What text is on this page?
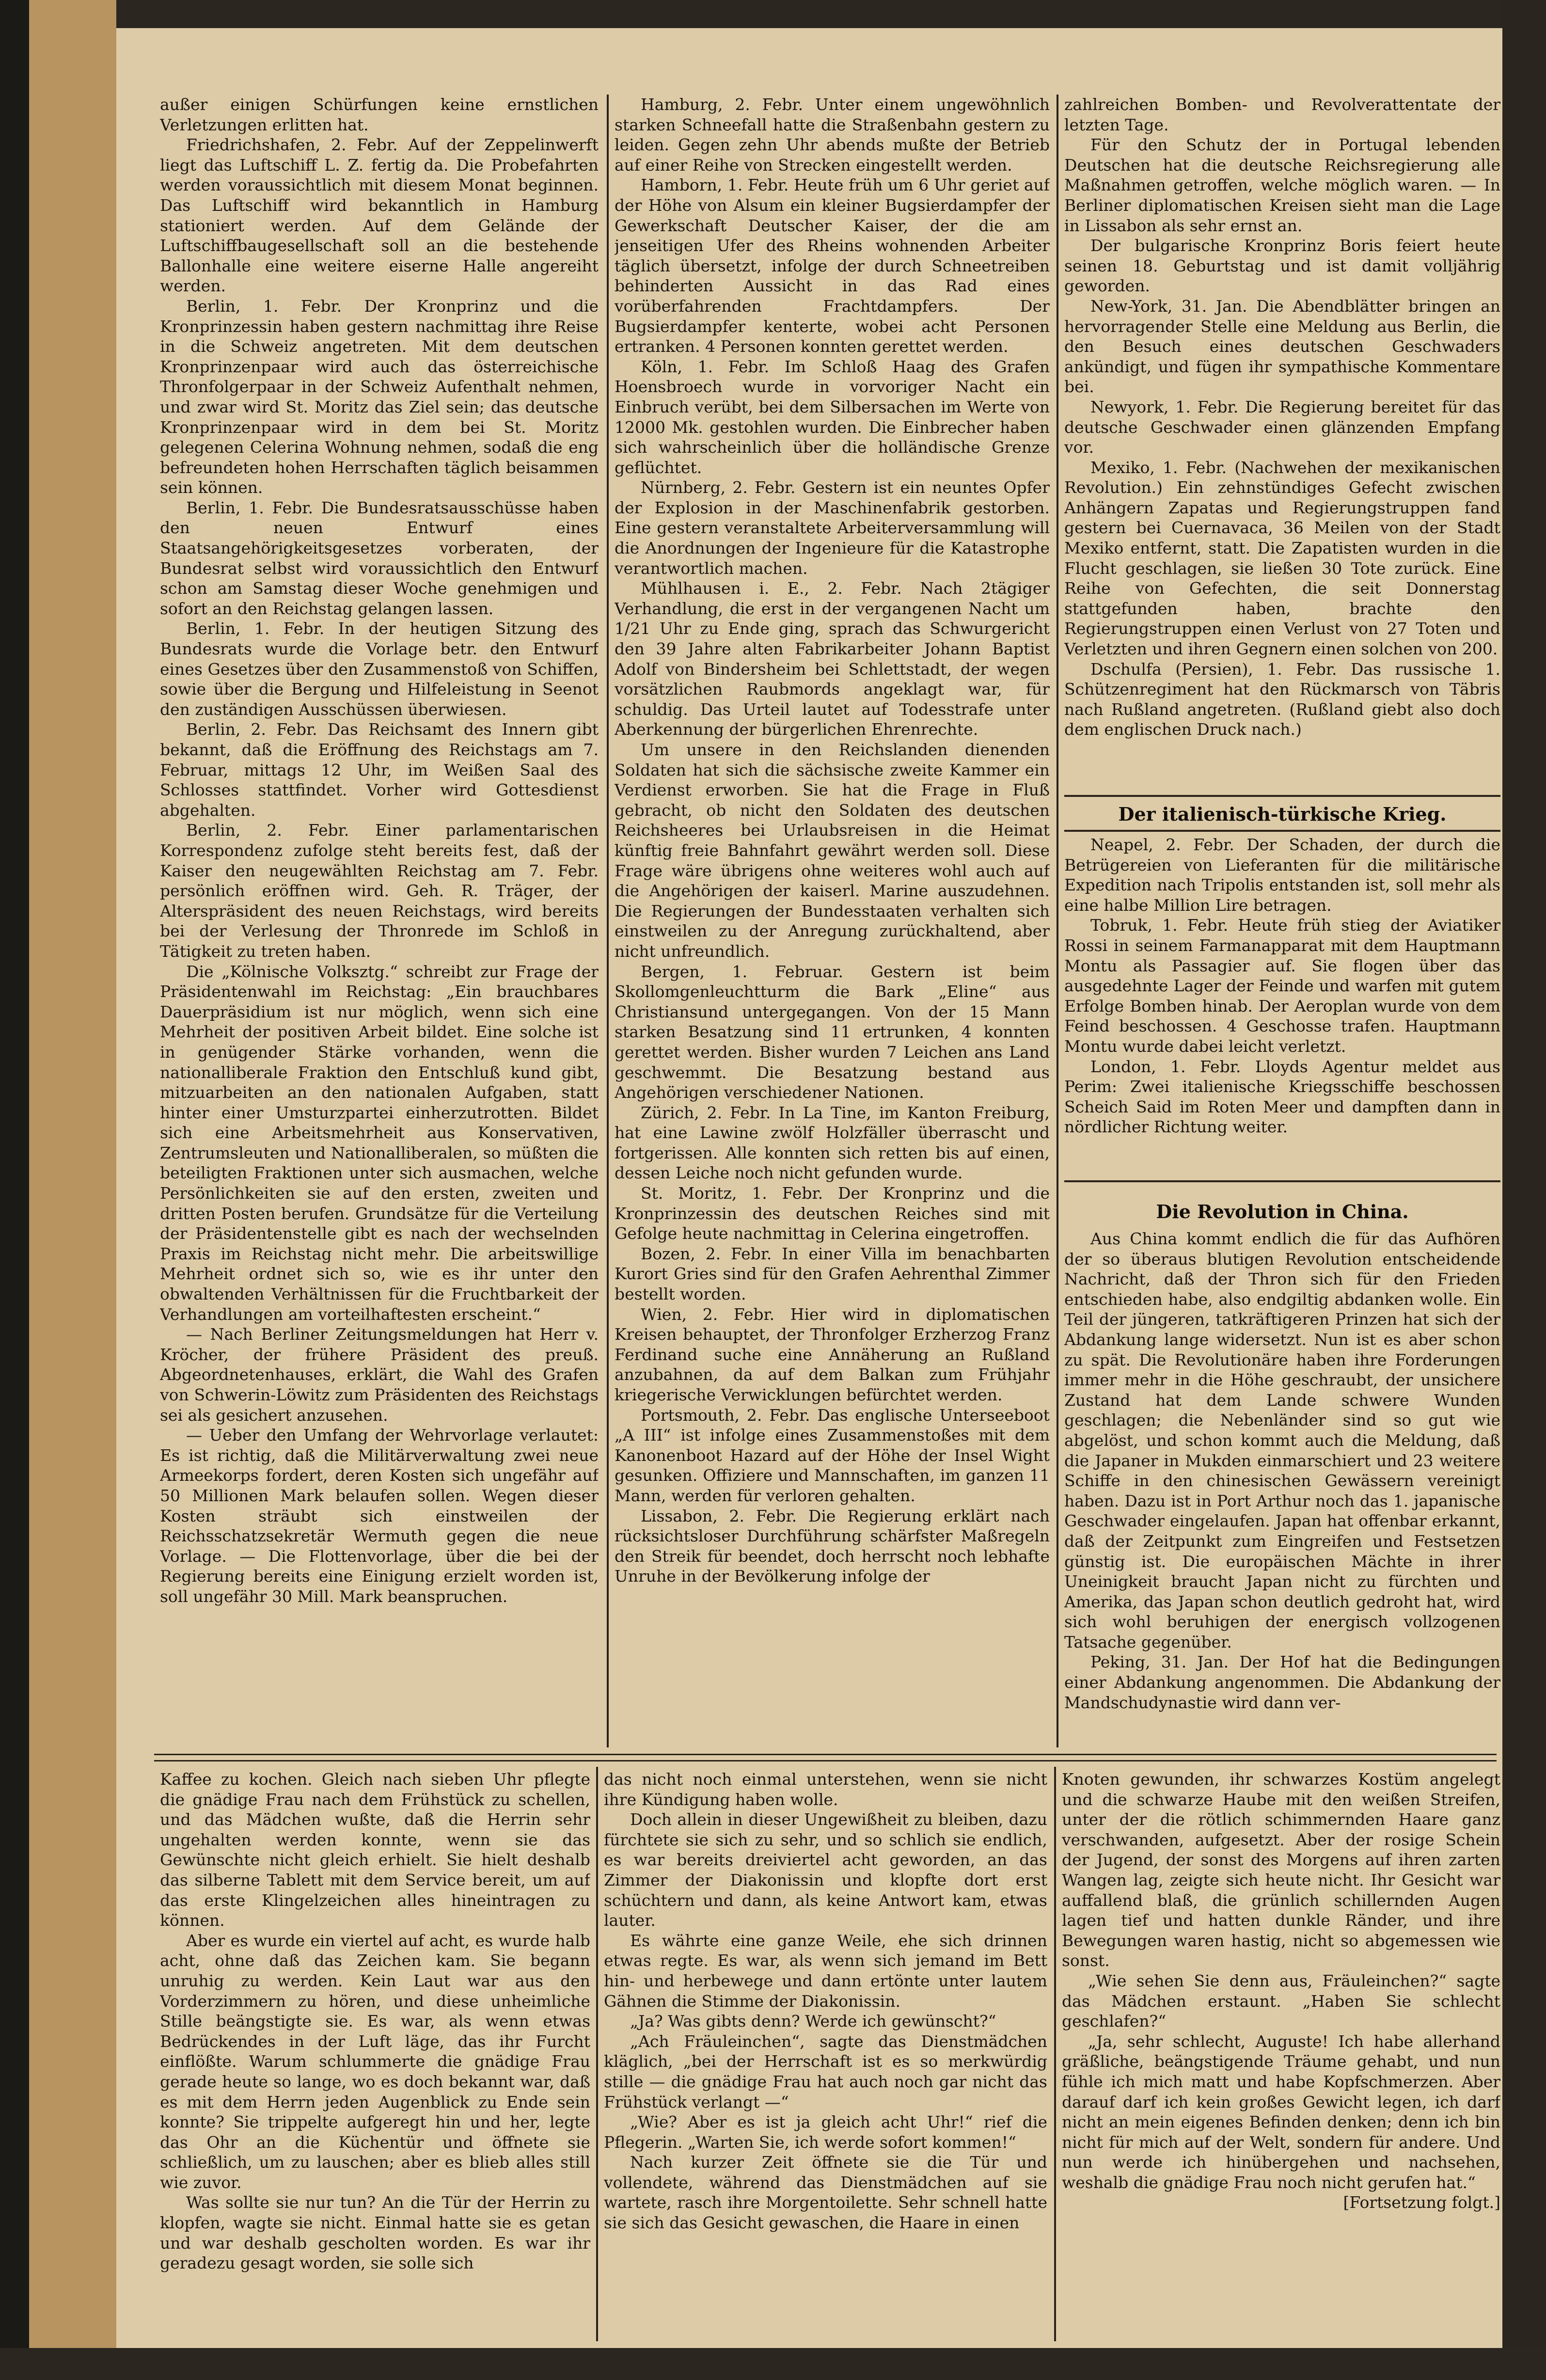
außer einigen Schürfungen keine ernstlichen Verletzungen erlitten hat.

Friedrichshafen, 2. Febr. Auf der Zeppelinwerft liegt das Luftschiff L. Z. fertig da. Die Probefahrten werden voraussichtlich mit diesem Monat beginnen. Das Luftschiff wird bekanntlich in Hamburg stationiert werden. Auf dem Gelände der Luftschiffbaugesellschaft soll an die bestehende Ballonhalle eine weitere eiserne Halle angereiht werden.

Berlin, 1. Febr. Der Kronprinz und die Kronprinzessin haben gestern nachmittag ihre Reise in die Schweiz angetreten. Mit dem deutschen Kronprinzenpaar wird auch das österreichische Thronfolgerpaar in der Schweiz Aufenthalt nehmen, und zwar wird St. Moritz das Ziel sein; das deutsche Kronprinzenpaar wird in dem bei St. Moritz gelegenen Celerina Wohnung nehmen, sodaß die eng befreundeten hohen Herrschaften täglich beisammen sein können.

Berlin, 1. Febr. Die Bundesratsausschüsse haben den neuen Entwurf eines Staatsangehörigkeitsgesetzes vorberaten, der Bundesrat selbst wird voraussichtlich den Entwurf schon am Samstag dieser Woche genehmigen und sofort an den Reichstag gelangen lassen.

Berlin, 1. Febr. In der heutigen Sitzung des Bundesrats wurde die Vorlage betr. den Entwurf eines Gesetzes über den Zusammenstoß von Schiffen, sowie über die Bergung und Hilfeleistung in Seenot den zuständigen Ausschüssen überwiesen.

Berlin, 2. Febr. Das Reichsamt des Innern gibt bekannt, daß die Eröffnung des Reichstags am 7. Februar, mittags 12 Uhr, im Weißen Saal des Schlosses stattfindet. Vorher wird Gottesdienst abgehalten.

Berlin, 2. Febr. Einer parlamentarischen Korrespondenz zufolge steht bereits fest, daß der Kaiser den neugewählten Reichstag am 7. Febr. persönlich eröffnen wird. Geh. R. Träger, der Alterspräsident des neuen Reichstags, wird bereits bei der Verlesung der Thronrede im Schloß in Tätigkeit zu treten haben.

Die „Kölnische Volksztg.“ schreibt zur Frage der Präsidentenwahl im Reichstag: „Ein brauchbares Dauerpräsidium ist nur möglich, wenn sich eine Mehrheit der positiven Arbeit bildet. Eine solche ist in genügender Stärke vorhanden, wenn die nationalliberale Fraktion den Entschluß kund gibt, mitzuarbeiten an den nationalen Aufgaben, statt hinter einer Umsturzpartei einherzutrotten. Bildet sich eine Arbeitsmehrheit aus Konservativen, Zentrumsleuten und Nationalliberalen, so müßten die beteiligten Fraktionen unter sich ausmachen, welche Persönlichkeiten sie auf den ersten, zweiten und dritten Posten berufen. Grundsätze für die Verteilung der Präsidentenstelle gibt es nach der wechselnden Praxis im Reichstag nicht mehr. Die arbeitswillige Mehrheit ordnet sich so, wie es ihr unter den obwaltenden Verhältnissen für die Fruchtbarkeit der Verhandlungen am vorteilhaftesten erscheint.“

— Nach Berliner Zeitungsmeldungen hat Herr v. Kröcher, der frühere Präsident des preuß. Abgeordnetenhauses, erklärt, die Wahl des Grafen von Schwerin-Löwitz zum Präsidenten des Reichstags sei als gesichert anzusehen.

— Ueber den Umfang der Wehrvorlage verlautet: Es ist richtig, daß die Militärverwaltung zwei neue Armeekorps fordert, deren Kosten sich ungefähr auf 50 Millionen Mark belaufen sollen. Wegen dieser Kosten sträubt sich einstweilen der Reichsschatzsekretär Wermuth gegen die neue Vorlage. — Die Flottenvorlage, über die bei der Regierung bereits eine Einigung erzielt worden ist, soll ungefähr 30 Mill. Mark beanspruchen.

Hamburg, 2. Febr. Unter einem ungewöhnlich starken Schneefall hatte die Straßenbahn gestern zu leiden. Gegen zehn Uhr abends mußte der Betrieb auf einer Reihe von Strecken eingestellt werden.

Hamborn, 1. Febr. Heute früh um 6 Uhr geriet auf der Höhe von Alsum ein kleiner Bugsierdampfer der Gewerkschaft Deutscher Kaiser, der die am jenseitigen Ufer des Rheins wohnenden Arbeiter täglich übersetzt, infolge der durch Schneetreiben behinderten Aussicht in das Rad eines vorüberfahrenden Frachtdampfers. Der Bugsierdampfer kenterte, wobei acht Personen ertranken. 4 Personen konnten gerettet werden.

Köln, 1. Febr. Im Schloß Haag des Grafen Hoensbroech wurde in vorvoriger Nacht ein Einbruch verübt, bei dem Silbersachen im Werte von 12000 Mk. gestohlen wurden. Die Einbrecher haben sich wahrscheinlich über die holländische Grenze geflüchtet.

Nürnberg, 2. Febr. Gestern ist ein neuntes Opfer der Explosion in der Maschinenfabrik gestorben. Eine gestern veranstaltete Arbeiterversammlung will die Anordnungen der Ingenieure für die Katastrophe verantwortlich machen.

Mühlhausen i. E., 2. Febr. Nach 2tägiger Verhandlung, die erst in der vergangenen Nacht um 1/21 Uhr zu Ende ging, sprach das Schwurgericht den 39 Jahre alten Fabrikarbeiter Johann Baptist Adolf von Bindersheim bei Schlettstadt, der wegen vorsätzlichen Raubmords angeklagt war, für schuldig. Das Urteil lautet auf Todesstrafe unter Aberkennung der bürgerlichen Ehrenrechte.

Um unsere in den Reichslanden dienenden Soldaten hat sich die sächsische zweite Kammer ein Verdienst erworben. Sie hat die Frage in Fluß gebracht, ob nicht den Soldaten des deutschen Reichsheeres bei Urlaubsreisen in die Heimat künftig freie Bahnfahrt gewährt werden soll. Diese Frage wäre übrigens ohne weiteres wohl auch auf die Angehörigen der kaiserl. Marine auszudehnen. Die Regierungen der Bundesstaaten verhalten sich einstweilen zu der Anregung zurückhaltend, aber nicht unfreundlich.

Bergen, 1. Februar. Gestern ist beim Skollomgenleuchtturm die Bark „Eline“ aus Christiansund untergegangen. Von der 15 Mann starken Besatzung sind 11 ertrunken, 4 konnten gerettet werden. Bisher wurden 7 Leichen ans Land geschwemmt. Die Besatzung bestand aus Angehörigen verschiedener Nationen.

Zürich, 2. Febr. In La Tine, im Kanton Freiburg, hat eine Lawine zwölf Holzfäller überrascht und fortgerissen. Alle konnten sich retten bis auf einen, dessen Leiche noch nicht gefunden wurde.

St. Moritz, 1. Febr. Der Kronprinz und die Kronprinzessin des deutschen Reiches sind mit Gefolge heute nachmittag in Celerina eingetroffen.

Bozen, 2. Febr. In einer Villa im benachbarten Kurort Gries sind für den Grafen Aehrenthal Zimmer bestellt worden.

Wien, 2. Febr. Hier wird in diplomatischen Kreisen behauptet, der Thronfolger Erzherzog Franz Ferdinand suche eine Annäherung an Rußland anzubahnen, da auf dem Balkan zum Frühjahr kriegerische Verwicklungen befürchtet werden.

Portsmouth, 2. Febr. Das englische Unterseeboot „A III“ ist infolge eines Zusammenstoßes mit dem Kanonenboot Hazard auf der Höhe der Insel Wight gesunken. Offiziere und Mannschaften, im ganzen 11 Mann, werden für verloren gehalten.

Lissabon, 2. Febr. Die Regierung erklärt nach rücksichtsloser Durchführung schärfster Maßregeln den Streik für beendet, doch herrscht noch lebhafte Unruhe in der Bevölkerung infolge der

zahlreichen Bomben- und Revolverattentate der letzten Tage.

Für den Schutz der in Portugal lebenden Deutschen hat die deutsche Reichsregierung alle Maßnahmen getroffen, welche möglich waren. — In Berliner diplomatischen Kreisen sieht man die Lage in Lissabon als sehr ernst an.

Der bulgarische Kronprinz Boris feiert heute seinen 18. Geburtstag und ist damit volljährig geworden.

New-York, 31. Jan. Die Abendblätter bringen an hervorragender Stelle eine Meldung aus Berlin, die den Besuch eines deutschen Geschwaders ankündigt, und fügen ihr sympathische Kommentare bei.

Newyork, 1. Febr. Die Regierung bereitet für das deutsche Geschwader einen glänzenden Empfang vor.

Mexiko, 1. Febr. (Nachwehen der mexikanischen Revolution.) Ein zehnstündiges Gefecht zwischen Anhängern Zapatas und Regierungstruppen fand gestern bei Cuernavaca, 36 Meilen von der Stadt Mexiko entfernt, statt. Die Zapatisten wurden in die Flucht geschlagen, sie ließen 30 Tote zurück. Eine Reihe von Gefechten, die seit Donnerstag stattgefunden haben, brachte den Regierungstruppen einen Verlust von 27 Toten und Verletzten und ihren Gegnern einen solchen von 200.

Dschulfa (Persien), 1. Febr. Das russische 1. Schützenregiment hat den Rückmarsch von Täbris nach Rußland angetreten. (Rußland giebt also doch dem englischen Druck nach.)

Der italienisch-türkische Krieg.

Neapel, 2. Febr. Der Schaden, der durch die Betrügereien von Lieferanten für die militärische Expedition nach Tripolis entstanden ist, soll mehr als eine halbe Million Lire betragen.

Tobruk, 1. Febr. Heute früh stieg der Aviatiker Rossi in seinem Farmanapparat mit dem Hauptmann Montu als Passagier auf. Sie flogen über das ausgedehnte Lager der Feinde und warfen mit gutem Erfolge Bomben hinab. Der Aeroplan wurde von dem Feind beschossen. 4 Geschosse trafen. Hauptmann Montu wurde dabei leicht verletzt.

London, 1. Febr. Lloyds Agentur meldet aus Perim: Zwei italienische Kriegsschiffe beschossen Scheich Said im Roten Meer und dampften dann in nördlicher Richtung weiter.

Die Revolution in China.

Aus China kommt endlich die für das Aufhören der so überaus blutigen Revolution entscheidende Nachricht, daß der Thron sich für den Frieden entschieden habe, also endgiltig abdanken wolle. Ein Teil der jüngeren, tatkräftigeren Prinzen hat sich der Abdankung lange widersetzt. Nun ist es aber schon zu spät. Die Revolutionäre haben ihre Forderungen immer mehr in die Höhe geschraubt, der unsichere Zustand hat dem Lande schwere Wunden geschlagen; die Nebenländer sind so gut wie abgelöst, und schon kommt auch die Meldung, daß die Japaner in Mukden einmarschiert und 23 weitere Schiffe in den chinesischen Gewässern vereinigt haben. Dazu ist in Port Arthur noch das 1. japanische Geschwader eingelaufen. Japan hat offenbar erkannt, daß der Zeitpunkt zum Eingreifen und Festsetzen günstig ist. Die europäischen Mächte in ihrer Uneinigkeit braucht Japan nicht zu fürchten und Amerika, das Japan schon deutlich gedroht hat, wird sich wohl beruhigen der energisch vollzogenen Tatsache gegenüber.

Peking, 31. Jan. Der Hof hat die Bedingungen einer Abdankung angenommen. Die Abdankung der Mandschudynastie wird dann ver-

Kaffee zu kochen. Gleich nach sieben Uhr pflegte die gnädige Frau nach dem Frühstück zu schellen, und das Mädchen wußte, daß die Herrin sehr ungehalten werden konnte, wenn sie das Gewünschte nicht gleich erhielt. Sie hielt deshalb das silberne Tablett mit dem Service bereit, um auf das erste Klingelzeichen alles hineintragen zu können.

Aber es wurde ein viertel auf acht, es wurde halb acht, ohne daß das Zeichen kam. Sie begann unruhig zu werden. Kein Laut war aus den Vorderzimmern zu hören, und diese unheimliche Stille beängstigte sie. Es war, als wenn etwas Bedrückendes in der Luft läge, das ihr Furcht einflößte. Warum schlummerte die gnädige Frau gerade heute so lange, wo es doch bekannt war, daß es mit dem Herrn jeden Augenblick zu Ende sein konnte? Sie trippelte aufgeregt hin und her, legte das Ohr an die Küchentür und öffnete sie schließlich, um zu lauschen; aber es blieb alles still wie zuvor.

Was sollte sie nur tun? An die Tür der Herrin zu klopfen, wagte sie nicht. Einmal hatte sie es getan und war deshalb gescholten worden. Es war ihr geradezu gesagt worden, sie solle sich

das nicht noch einmal unterstehen, wenn sie nicht ihre Kündigung haben wolle.

Doch allein in dieser Ungewißheit zu bleiben, dazu fürchtete sie sich zu sehr, und so schlich sie endlich, es war bereits dreiviertel acht geworden, an das Zimmer der Diakonissin und klopfte dort erst schüchtern und dann, als keine Antwort kam, etwas lauter.

Es währte eine ganze Weile, ehe sich drinnen etwas regte. Es war, als wenn sich jemand im Bett hin- und herbewege und dann ertönte unter lautem Gähnen die Stimme der Diakonissin.

„Ja? Was gibts denn? Werde ich gewünscht?“

„Ach Fräuleinchen“, sagte das Dienstmädchen kläglich, „bei der Herrschaft ist es so merkwürdig stille — die gnädige Frau hat auch noch gar nicht das Frühstück verlangt —“

„Wie? Aber es ist ja gleich acht Uhr!“ rief die Pflegerin. „Warten Sie, ich werde sofort kommen!“

Nach kurzer Zeit öffnete sie die Tür und vollendete, während das Dienstmädchen auf sie wartete, rasch ihre Morgentoilette. Sehr schnell hatte sie sich das Gesicht gewaschen, die Haare in einen

Knoten gewunden, ihr schwarzes Kostüm angelegt und die schwarze Haube mit den weißen Streifen, unter der die rötlich schimmernden Haare ganz verschwanden, aufgesetzt. Aber der rosige Schein der Jugend, der sonst des Morgens auf ihren zarten Wangen lag, zeigte sich heute nicht. Ihr Gesicht war auffallend blaß, die grünlich schillernden Augen lagen tief und hatten dunkle Ränder, und ihre Bewegungen waren hastig, nicht so abgemessen wie sonst.

„Wie sehen Sie denn aus, Fräuleinchen?“ sagte das Mädchen erstaunt. „Haben Sie schlecht geschlafen?“

„Ja, sehr schlecht, Auguste! Ich habe allerhand gräßliche, beängstigende Träume gehabt, und nun fühle ich mich matt und habe Kopfschmerzen. Aber darauf darf ich kein großes Gewicht legen, ich darf nicht an mein eigenes Befinden denken; denn ich bin nicht für mich auf der Welt, sondern für andere. Und nun werde ich hinübergehen und nachsehen, weshalb die gnädige Frau noch nicht gerufen hat.“

[Fortsetzung folgt.]
